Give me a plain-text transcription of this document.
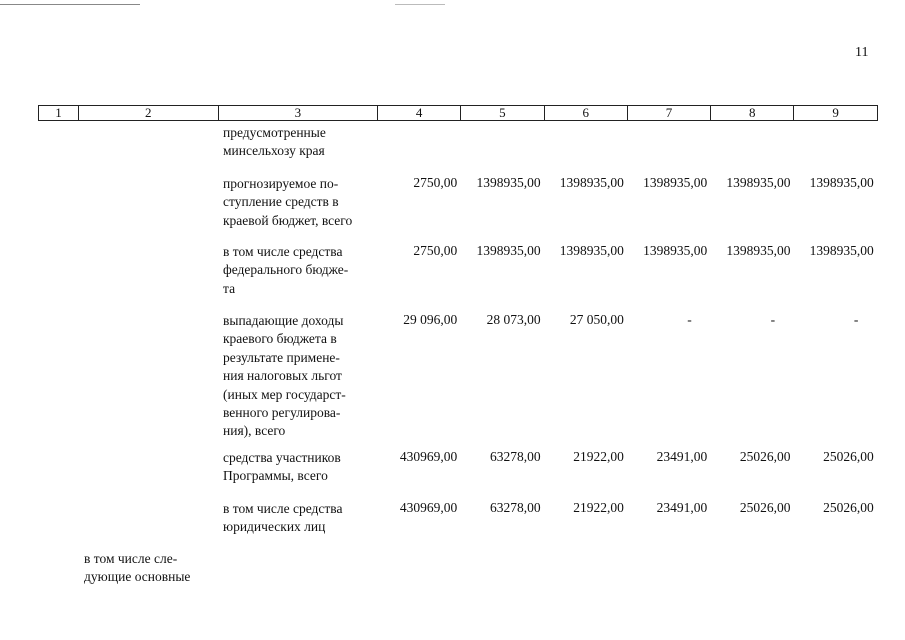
11
1	2	3	4	5	6	7	8	9
предусмотренные
минсельхозу края
прогнозируемое по-
ступление средств в
краевой бюджет, всего
2750,00	1398935,00	1398935,00	1398935,00	1398935,00	1398935,00
в том числе средства
федерального бюдже-
та
2750,00	1398935,00	1398935,00	1398935,00	1398935,00	1398935,00
выпадающие доходы
краевого бюджета в
результате примене-
ния налоговых льгот
(иных мер государст-
венного регулирова-
ния), всего
29 096,00	28 073,00	27 050,00	-	-	-
средства участников
Программы, всего
430969,00	63278,00	21922,00	23491,00	25026,00	25026,00
в том числе средства
юридических лиц
430969,00	63278,00	21922,00	23491,00	25026,00	25026,00
в том числе сле-
дующие основные
